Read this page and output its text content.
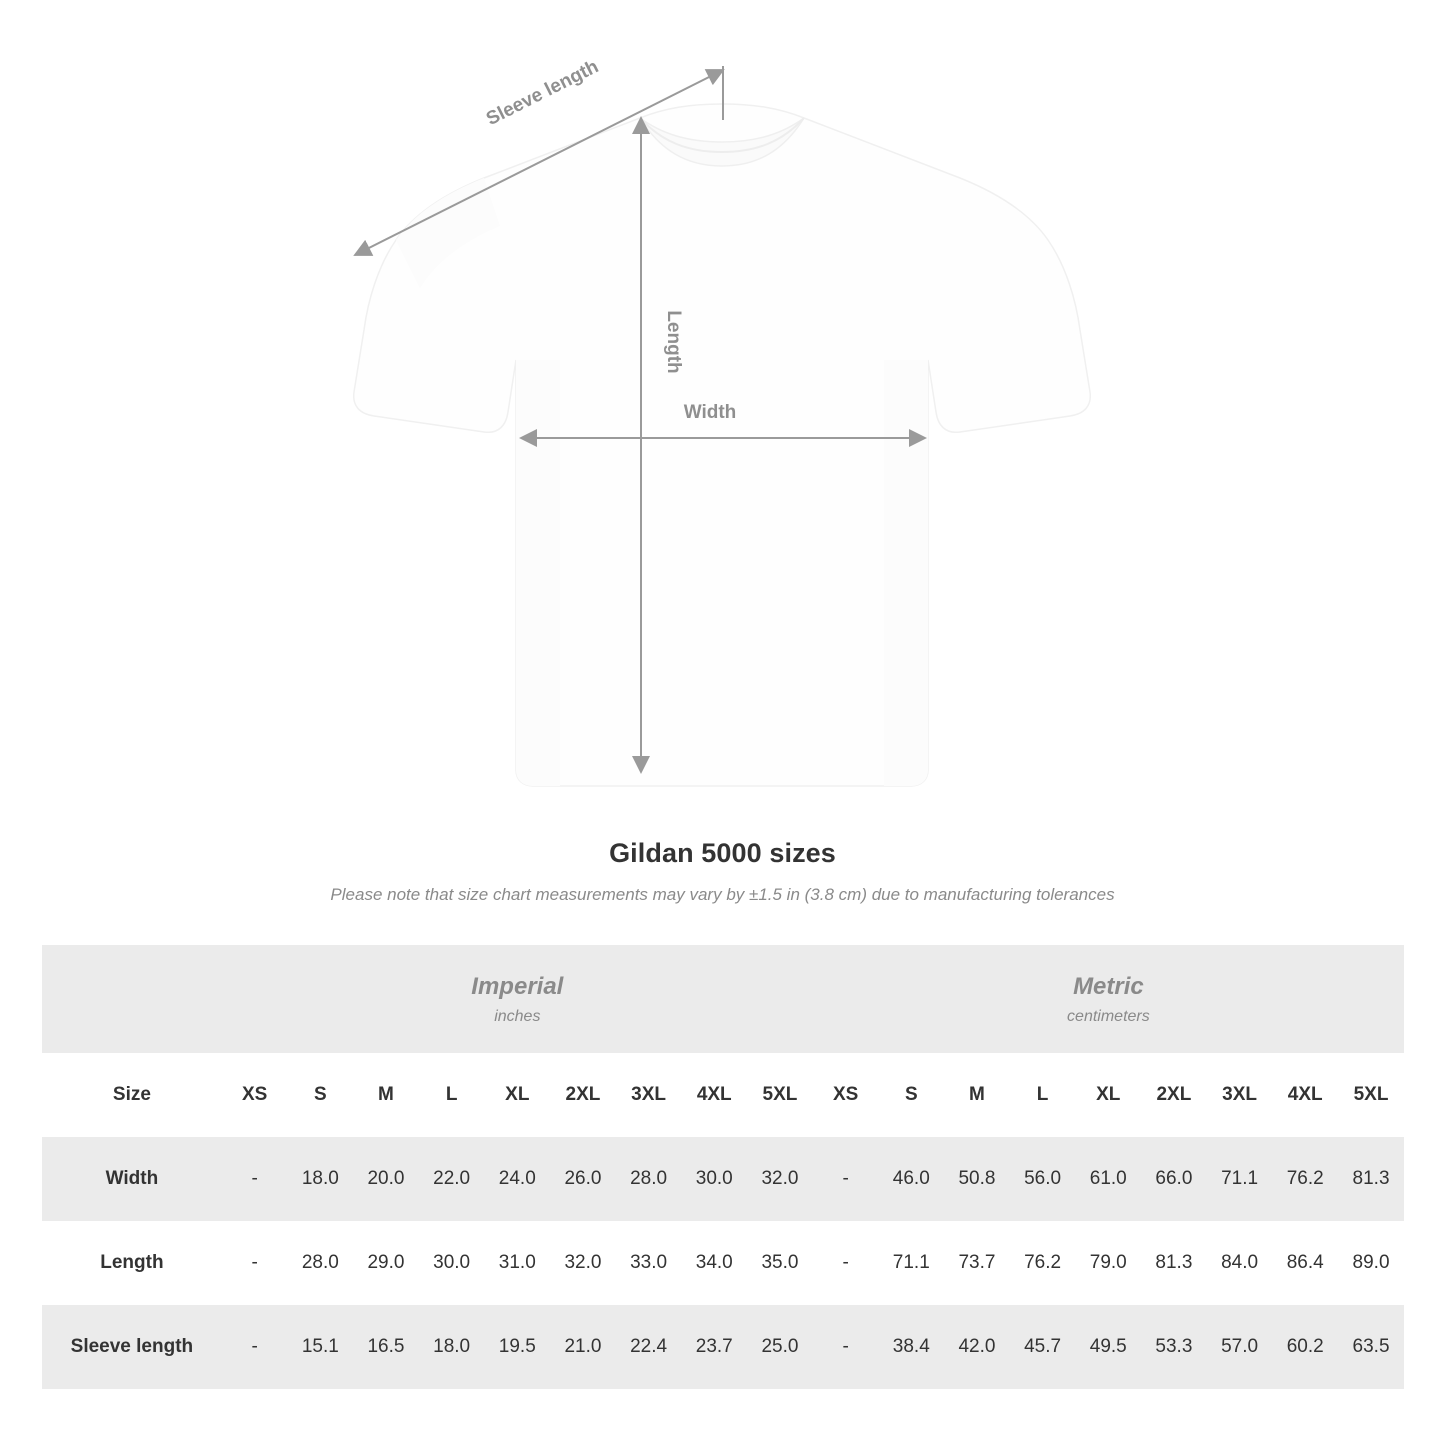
Sleeve length
Length
Width
Gildan 5000 sizes
Please note that size chart measurements may vary by ±1.5 in (3.8 cm) due to manufacturing tolerances

	Imperial
inches									Metric
centimeters								

Size	XS	S	M	L	XL	2XL	3XL	4XL	5XL	XS	S	M	L	XL	2XL	3XL	4XL	5XL
Width	-	18.0	20.0	22.0	24.0	26.0	28.0	30.0	32.0	-	46.0	50.8	56.0	61.0	66.0	71.1	76.2	81.3
Length	-	28.0	29.0	30.0	31.0	32.0	33.0	34.0	35.0	-	71.1	73.7	76.2	79.0	81.3	84.0	86.4	89.0
Sleeve length	-	15.1	16.5	18.0	19.5	21.0	22.4	23.7	25.0	-	38.4	42.0	45.7	49.5	53.3	57.0	60.2	63.5
